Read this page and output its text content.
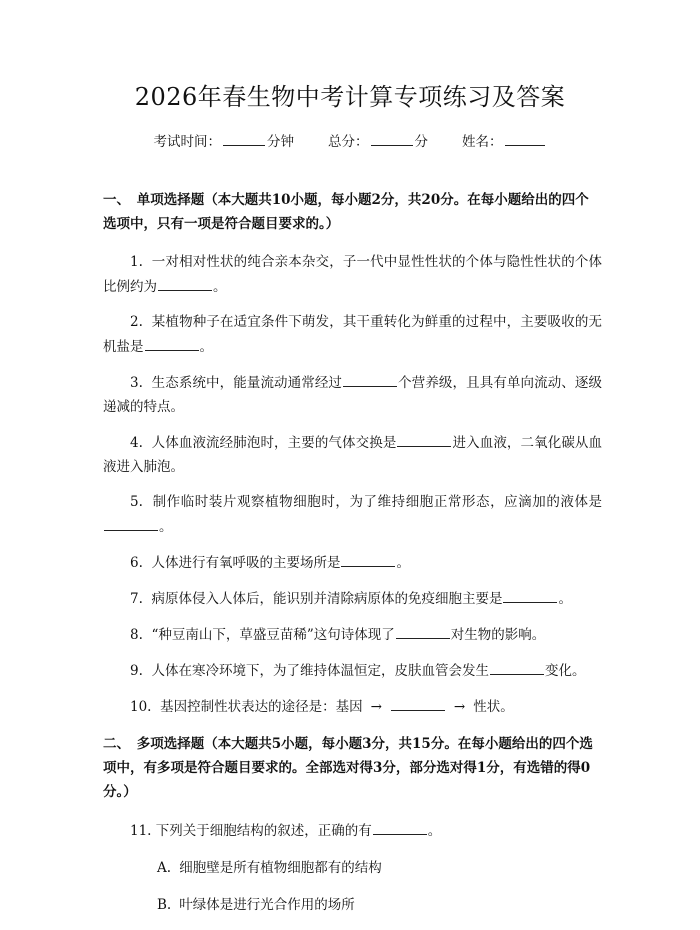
2026年春生物中考计算专项练习及答案
考试时间：	分钟	总分：	分	姓名：
一、　单项选择题（本大题共10小题，每小题2分，共20分。在每小题给出的四个选项中，只有一项是符合题目要求的。）

1. 一对相对性状的纯合亲本杂交，子一代中显性性状的个体与隐性性状的个体比例约为	。

2. 某植物种子在适宜条件下萌发，其干重转化为鲜重的过程中，主要吸收的无机盐是	。

3. 生态系统中，能量流动通常经过	个营养级，且具有单向流动、逐级递减的特点。

4. 人体血液流经肺泡时，主要的气体交换是	进入血液，二氧化碳从血液进入肺泡。

5. 制作临时装片观察植物细胞时，为了维持细胞正常形态，应滴加的液体是。

6. 人体进行有氧呼吸的主要场所是	。

7. 病原体侵入人体后，能识别并清除病原体的免疫细胞主要是	。

8. “种豆南山下，草盛豆苗稀”这句诗体现了	对生物的影响。

9. 人体在寒冷环境下，为了维持体温恒定，皮肤血管会发生	变化。

10. 基因控制性状表达的途径是：基因 →	→ 性状。

二、　多项选择题（本大题共5小题，每小题3分，共15分。在每小题给出的四个选项中，有多项是符合题目要求的。全部选对得3分，部分选对得1分，有选错的得0分。）

11. 下列关于细胞结构的叙述，正确的有	。

A. 细胞壁是所有植物细胞都有的结构
B. 叶绿体是进行光合作用的场所
